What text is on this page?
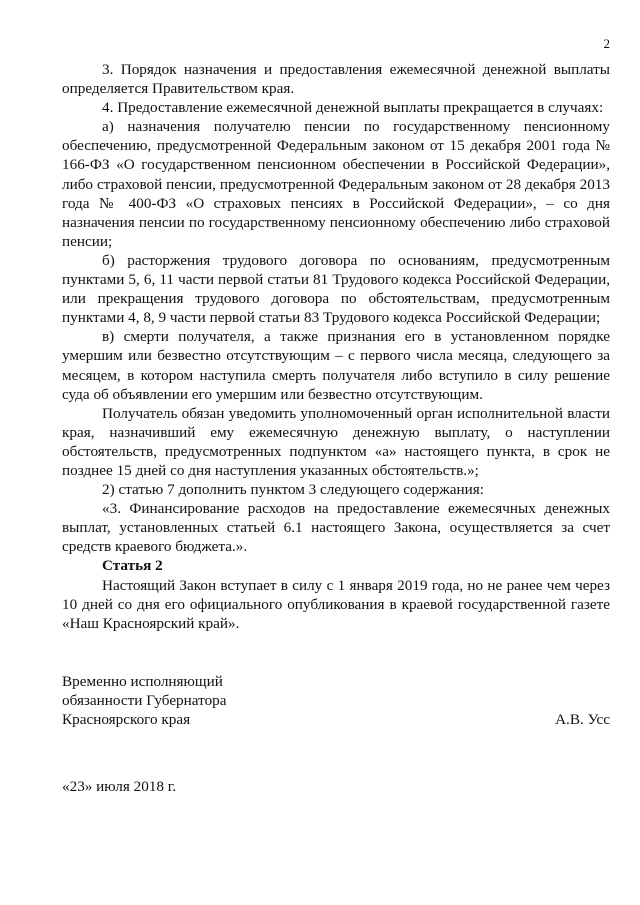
2

3. Порядок назначения и предоставления ежемесячной денежной выплаты определяется Правительством края.

4. Предоставление ежемесячной денежной выплаты прекращается в случаях:

а) назначения получателю пенсии по государственному пенсионному обеспечению, предусмотренной Федеральным законом от 15 декабря 2001 года № 166-ФЗ «О государственном пенсионном обеспечении в Российской Федерации», либо страховой пенсии, предусмотренной Федеральным законом от 28 декабря 2013 года № 400-ФЗ «О страховых пенсиях в Российской Федерации», – со дня назначения пенсии по государственному пенсионному обеспечению либо страховой пенсии;

б) расторжения трудового договора по основаниям, предусмотренным пунктами 5, 6, 11 части первой статьи 81 Трудового кодекса Российской Федерации, или прекращения трудового договора по обстоятельствам, предусмотренным пунктами 4, 8, 9 части первой статьи 83 Трудового кодекса Российской Федерации;

в) смерти получателя, а также признания его в установленном порядке умершим или безвестно отсутствующим – с первого числа месяца, следующего за месяцем, в котором наступила смерть получателя либо вступило в силу решение суда об объявлении его умершим или безвестно отсутствующим.

Получатель обязан уведомить уполномоченный орган исполнительной власти края, назначивший ему ежемесячную денежную выплату, о наступлении обстоятельств, предусмотренных подпунктом «а» настоящего пункта, в срок не позднее 15 дней со дня наступления указанных обстоятельств.»;

2) статью 7 дополнить пунктом 3 следующего содержания:

«3. Финансирование расходов на предоставление ежемесячных денежных выплат, установленных статьей 6.1 настоящего Закона, осуществляется за счет средств краевого бюджета.».

Статья 2

Настоящий Закон вступает в силу с 1 января 2019 года, но не ранее чем через 10 дней со дня его официального опубликования в краевой государственной газете «Наш Красноярский край».

Временно исполняющий
обязанности Губернатора
Красноярского края	А.В. Усс
«23» июля 2018 г.
